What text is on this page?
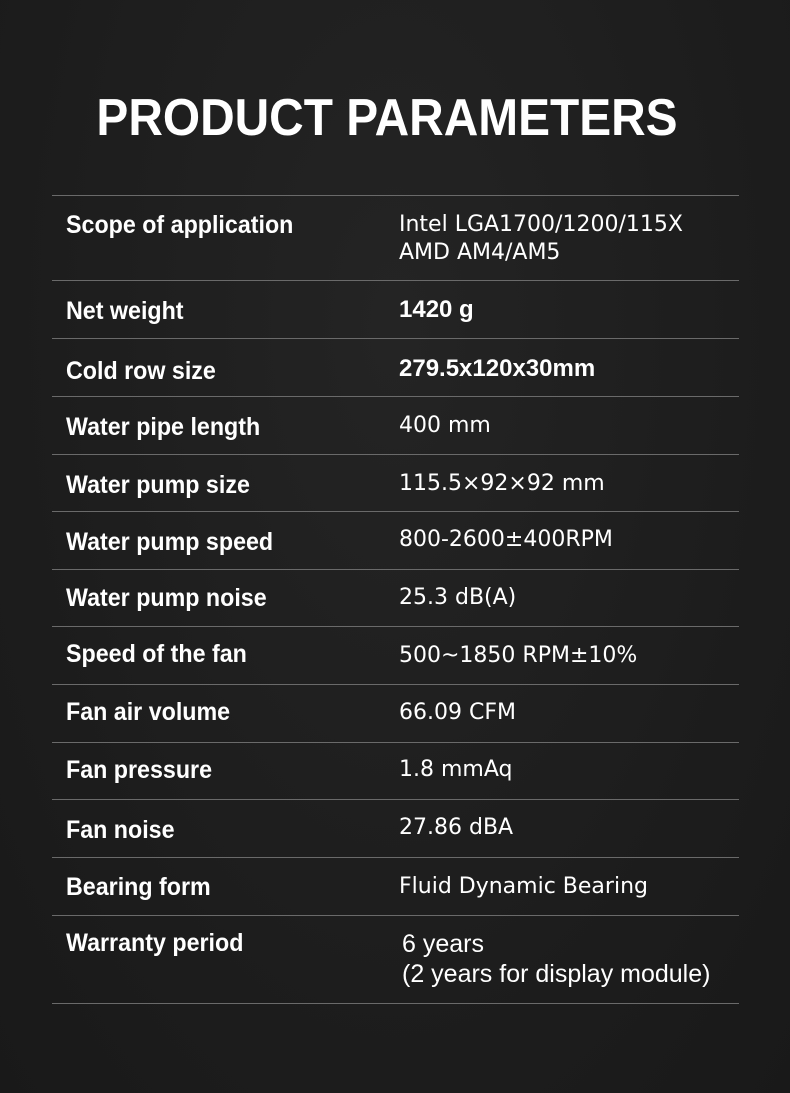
PRODUCT PARAMETERS
Scope of application	Intel LGA1700/1200/115X
AMD AM4/AM5
Net weight	1420 g
Cold row size	279.5x120x30mm
Water pipe length	400 mm
Water pump size	115.5×92×92 mm
Water pump speed	800-2600±400RPM
Water pump noise	25.3 dB(A)
Speed of the fan	500~1850 RPM±10%
Fan air volume	66.09 CFM
Fan pressure	1.8 mmAq
Fan noise	27.86 dBA
Bearing form	Fluid Dynamic Bearing
Warranty period	6 years
(2 years for display module)
